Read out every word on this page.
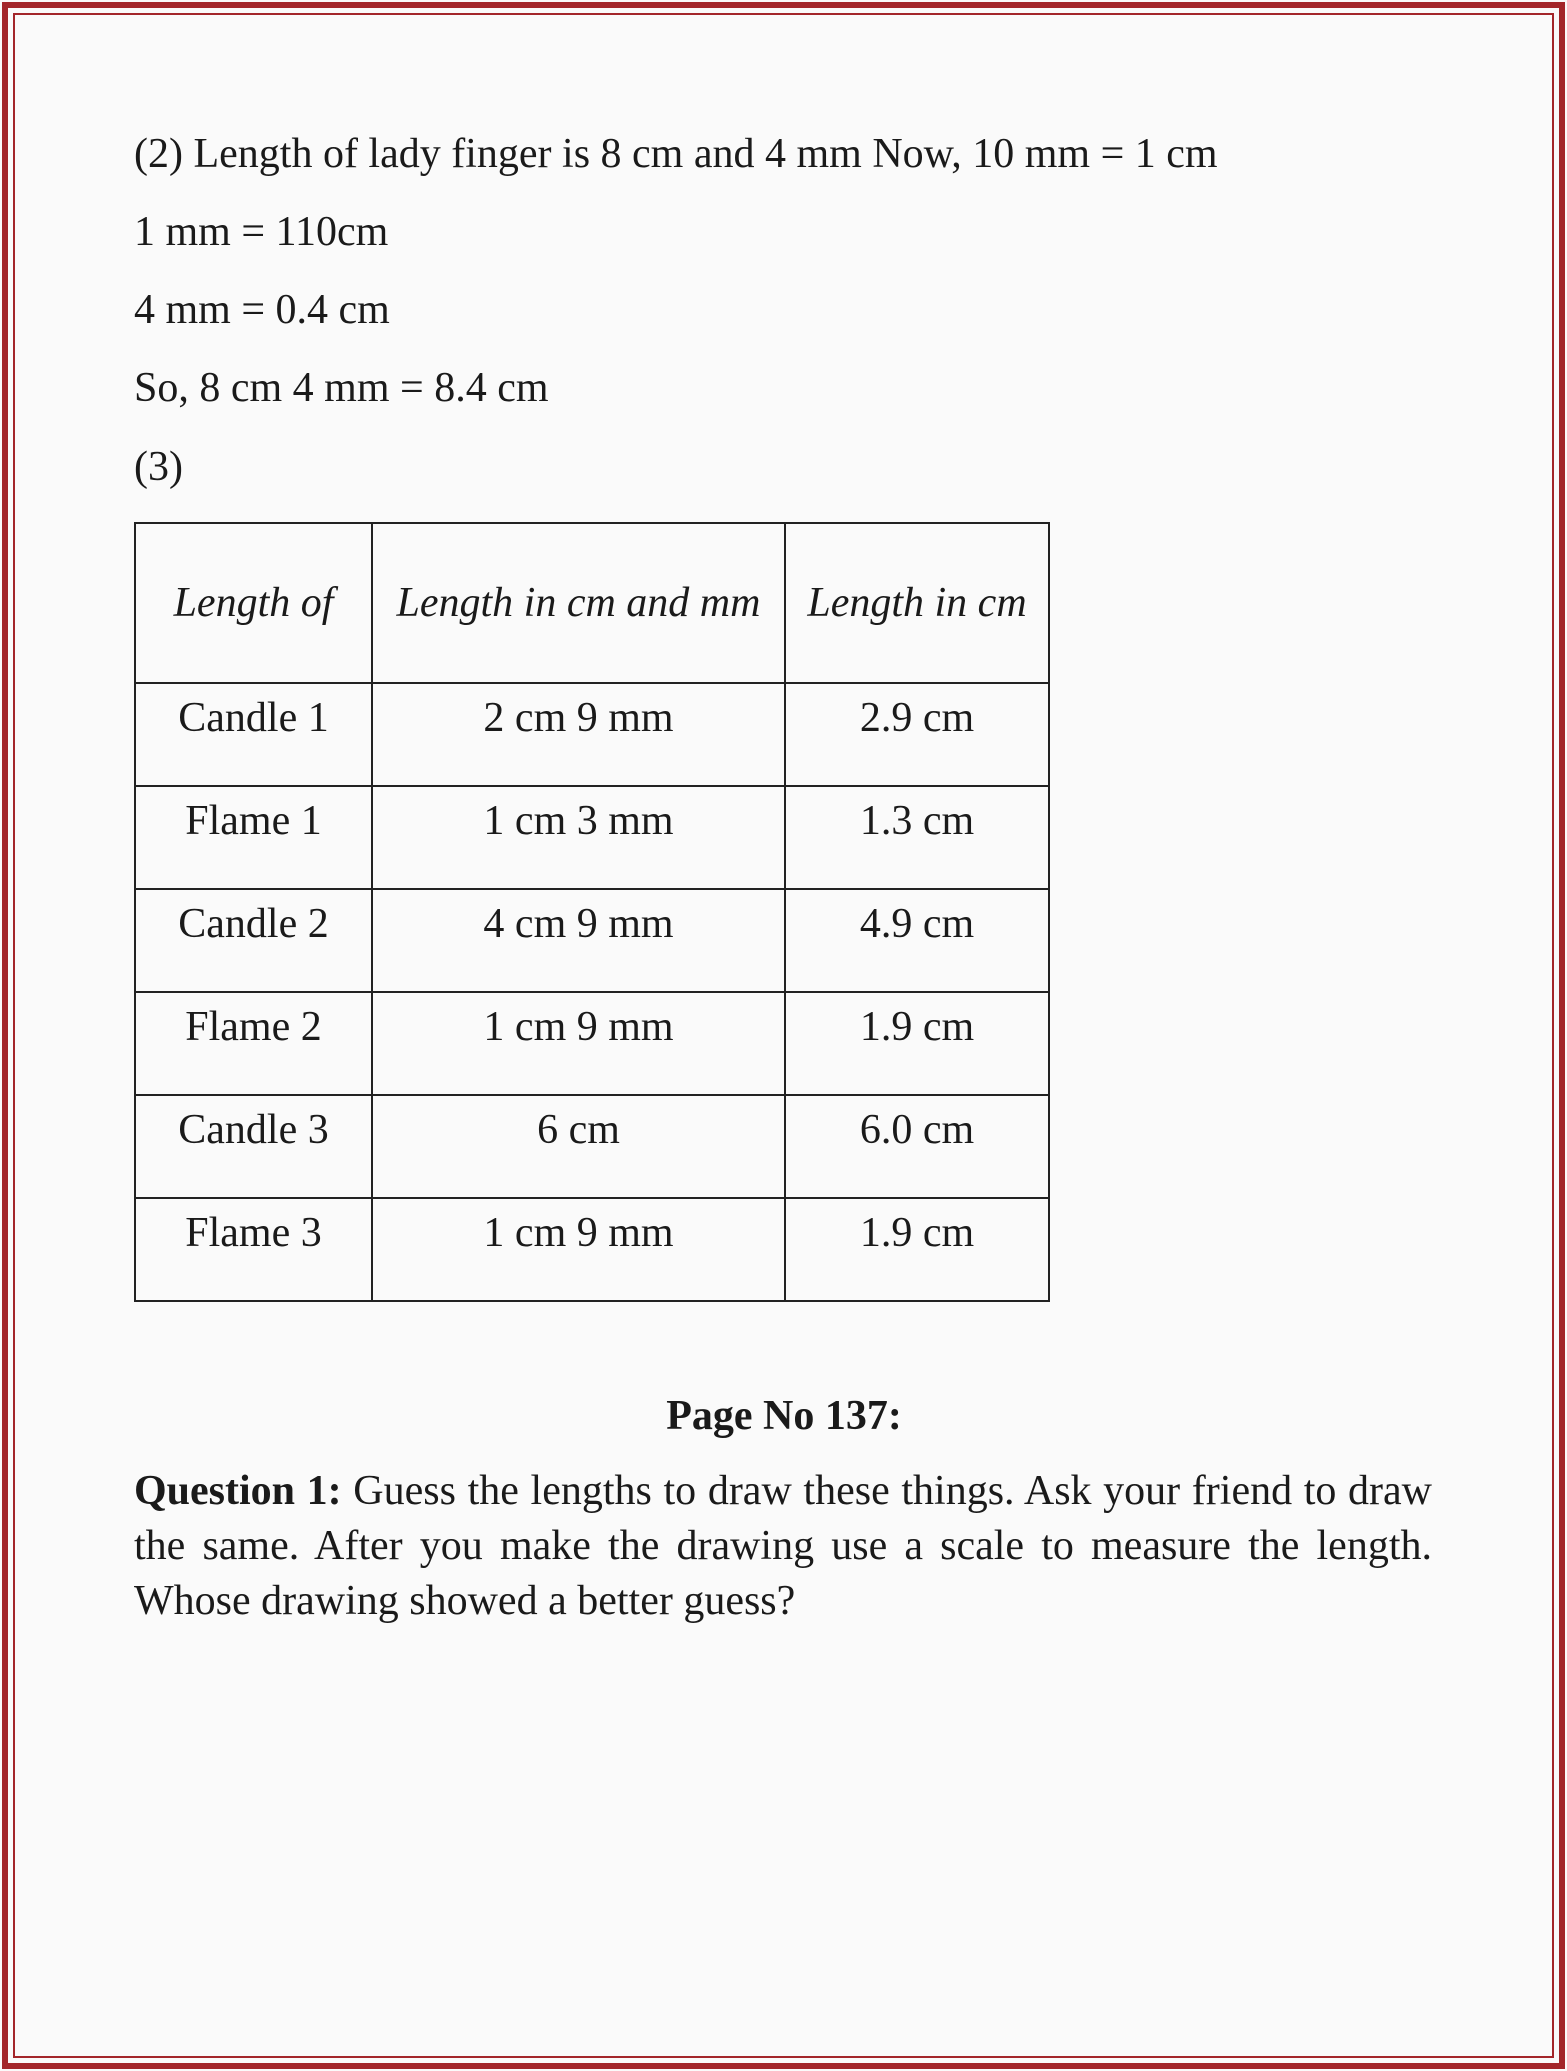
(2) Length of lady finger is 8 cm and 4 mm Now, 10 mm = 1 cm

1 mm = 110cm

4 mm = 0.4 cm

So, 8 cm 4 mm = 8.4 cm

(3)

Length of	Length in cm and mm	Length in cm
Candle 1	2 cm 9 mm	2.9 cm
Flame 1	1 cm 3 mm	1.3 cm
Candle 2	4 cm 9 mm	4.9 cm
Flame 2	1 cm 9 mm	1.9 cm
Candle 3	6 cm	6.0 cm
Flame 3	1 cm 9 mm	1.9 cm

Page No 137:

Question 1: Guess the lengths to draw these things. Ask your friend to draw the same. After you make the drawing use a scale to measure the length. Whose drawing showed a better guess?
